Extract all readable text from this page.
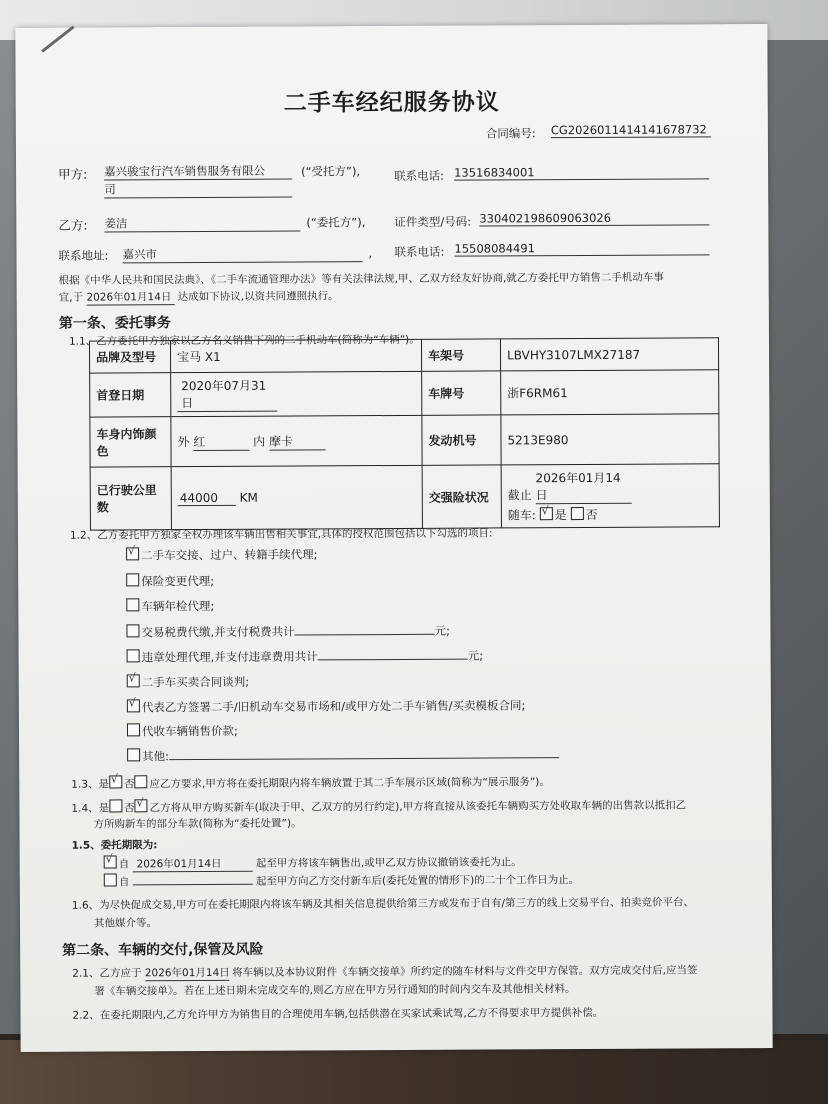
二手车经纪服务协议
合同编号: CG2026011414141678732
甲方: 嘉兴骏宝行汽车销售服务有限公
司
(“受托方”),	联系电话: 13516834001
乙方: 姜洁	(“委托方”),	证件类型/号码: 330402198609063026
联系地址: 嘉兴市	, 联系电话: 15508084491
根据《中华人民共和国民法典》、《二手车流通管理办法》等有关法律法规,甲、乙双方经友好协商,就乙方委托甲方销售二手机动车事
宜,于 2026年01月14日 达成如下协议,以资共同遵照执行。
第一条、委托事务
1.1、乙方委托甲方独家以乙方名义销售下列的二手机动车(简称为“车辆”)。
品牌及型号	宝马 X1	车架号	LBVHY3107LMX27187
首登日期	2020年07月31日	车牌号	浙F6RM61
车身内饰颜色	外 红 内 摩卡	发动机号	5213E980
已行驶公里数	44000 KM	交强险状况	截止 2026年01月14日
随车: √ 是 否
1.2、乙方委托甲方独家全权办理该车辆出售相关事宜,具体的授权范围包括以下勾选的项目:
√二手车交接、过户、转籍手续代理;
保险变更代理;
车辆年检代理;
交易税费代缴,并支付税费共计	元;
违章处理代理,并支付违章费用共计	元;
√二手车买卖合同谈判;
√代表乙方签署二手/旧机动车交易市场和/或甲方处二手车销售/买卖模板合同;
代收车辆销售价款;
其他:
1.3、是 √ 否 应乙方要求,甲方将在委托期限内将车辆放置于其二手车展示区域(简称为“展示服务”)。
1.4、是 否 √ 乙方将从甲方购买新车(取决于甲、乙双方的另行约定),甲方将直接从该委托车辆购买方处收取车辆的出售款以抵扣乙
方所购新车的部分车款(简称为“委托处置”)。
1.5、委托期限为:
√自 2026年01月14日	起至甲方将该车辆售出,或甲乙双方协议撤销该委托为止。
自	起至甲方向乙方交付新车后(委托处置的情形下)的二十个工作日为止。
1.6、为尽快促成交易,甲方可在委托期限内将该车辆及其相关信息提供给第三方或发布于自有/第三方的线上交易平台、拍卖竞价平台、
其他媒介等。
第二条、车辆的交付,保管及风险
2.1、乙方应于 2026年01月14日 将车辆以及本协议附件《车辆交接单》所约定的随车材料与文件交甲方保管。双方完成交付后,应当签
署《车辆交接单》。若在上述日期未完成交车的,则乙方应在甲方另行通知的时间内交车及其他相关材料。
2.2、在委托期限内,乙方允许甲方为销售目的合理使用车辆,包括供潜在买家试乘试驾,乙方不得要求甲方提供补偿。
